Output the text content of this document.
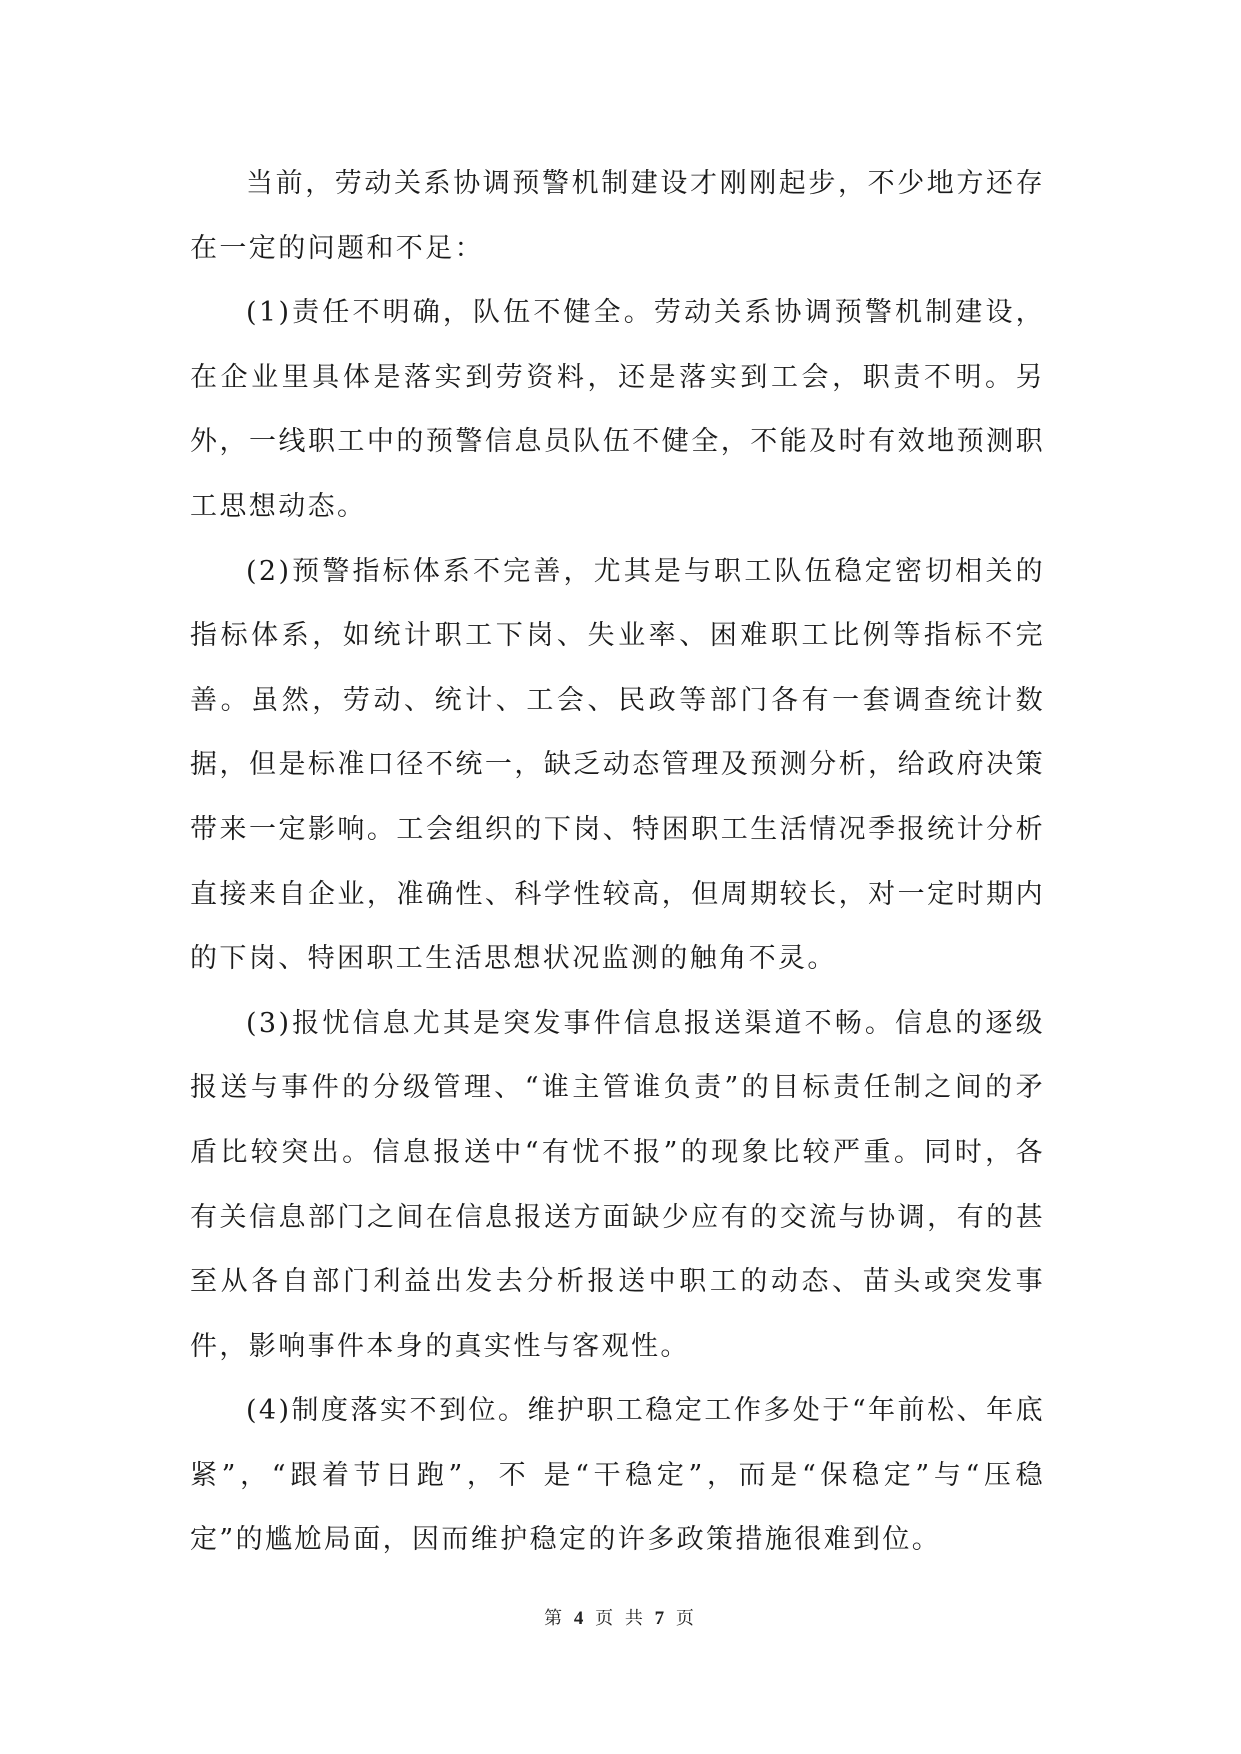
当前，劳动关系协调预警机制建设才刚刚起步，不少地方还存在一定的问题和不足：

(1)责任不明确，队伍不健全。劳动关系协调预警机制建设，在企业里具体是落实到劳资料，还是落实到工会，职责不明。另外，一线职工中的预警信息员队伍不健全，不能及时有效地预测职工思想动态。

(2)预警指标体系不完善，尤其是与职工队伍稳定密切相关的指标体系，如统计职工下岗、失业率、困难职工比例等指标不完善。虽然，劳动、统计、工会、民政等部门各有一套调查统计数据，但是标准口径不统一，缺乏动态管理及预测分析，给政府决策带来一定影响。工会组织的下岗、特困职工生活情况季报统计分析直接来自企业，准确性、科学性较高，但周期较长，对一定时期内的下岗、特困职工生活思想状况监测的触角不灵。

(3)报忧信息尤其是突发事件信息报送渠道不畅。信息的逐级报送与事件的分级管理、“谁主管谁负责”的目标责任制之间的矛盾比较突出。信息报送中“有忧不报”的现象比较严重。同时，各有关信息部门之间在信息报送方面缺少应有的交流与协调，有的甚至从各自部门利益出发去分析报送中职工的动态、苗头或突发事件，影响事件本身的真实性与客观性。

(4)制度落实不到位。维护职工稳定工作多处于“年前松、年底紧”，“跟着节日跑”，不 是“干稳定”，而是“保稳定”与“压稳定”的尴尬局面，因而维护稳定的许多政策措施很难到位。

第 4 页 共 7 页
